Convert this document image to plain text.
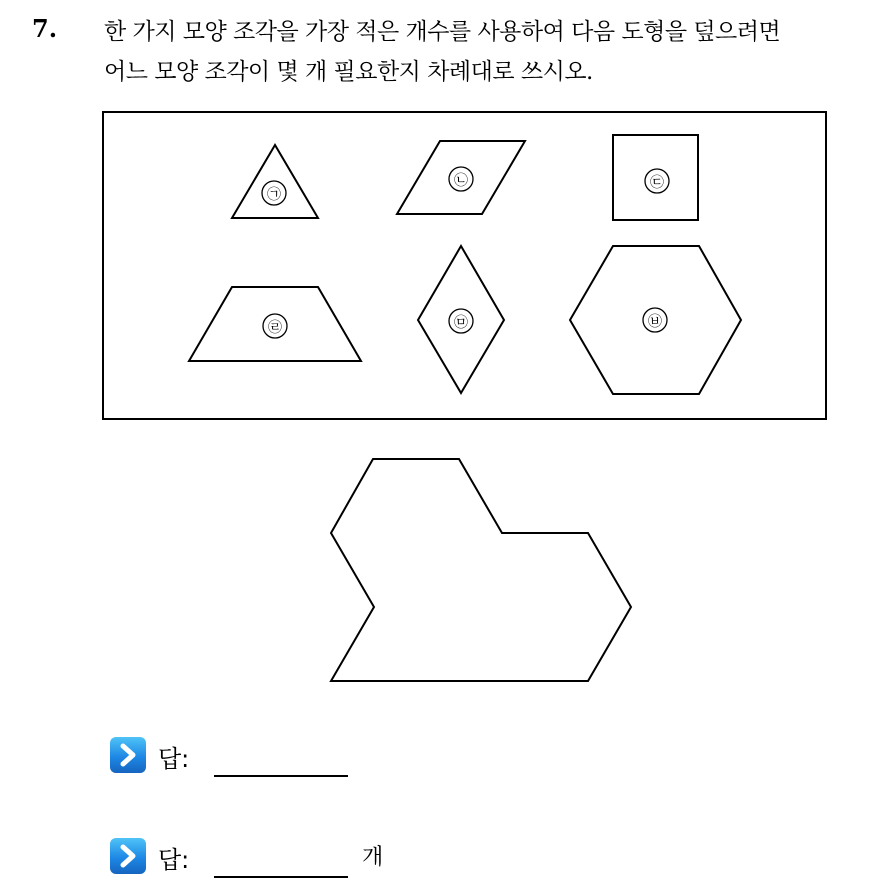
7. 한 가지 모양 조각을 가장 적은 개수를 사용하여 다음 도형을 덮으려면
어느 모양 조각이 몇 개 필요한지 차례대로 쓰시오.
㉠
㉡	㉢
㉣	㉤	㉥
답:
답:	개
